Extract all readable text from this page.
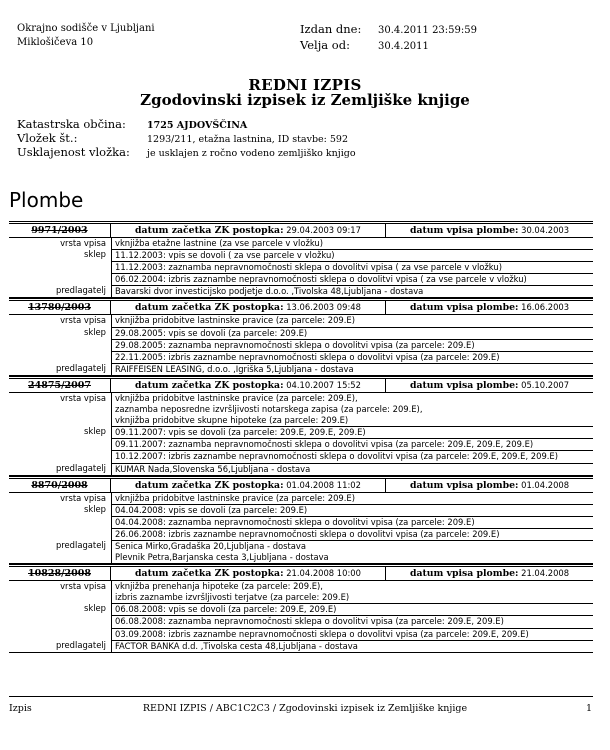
Okrajno sodišče v Ljubljani
Miklošičeva 10
Izdan dne: 30.4.2011 23:59:59
Velja od:	30.4.2011
REDNI IZPIS
Zgodovinski izpisek iz Zemljiške knjige
Katastrska občina: 1725 AJDOVŠČINA
Vložek št.:	1293/211, etažna lastnina, ID stavbe: 592
Usklajenost vložka: je usklajen z ročno vodeno zemljiško knjigo
Plombe
9971/2003	datum začetka ZK postopka: 29.04.2003 09:17	datum vpisa plombe: 30.04.2003
vrsta vpisa	vknjižba etažne lastnine (za vse parcele v vložku)
sklep	11.12.2003: vpis se dovoli ( za vse parcele v vložku)
11.12.2003: zaznamba nepravnomočnosti sklepa o dovolitvi vpisa ( za vse parcele v vložku)
06.02.2004: izbris zaznambe nepravnomočnosti sklepa o dovolitvi vpisa ( za vse parcele v vložku)
predlagatelj	Bavarski dvor investicijsko podjetje d.o.o. ,Tivolska 48,Ljubljana - dostava
13780/2003	datum začetka ZK postopka: 13.06.2003 09:48	datum vpisa plombe: 16.06.2003
vrsta vpisa	vknjižba pridobitve lastninske pravice (za parcele: 209.E)
sklep	29.08.2005: vpis se dovoli (za parcele: 209.E)
29.08.2005: zaznamba nepravnomočnosti sklepa o dovolitvi vpisa (za parcele: 209.E)
22.11.2005: izbris zaznambe nepravnomočnosti sklepa o dovolitvi vpisa (za parcele: 209.E)
predlagatelj	RAIFFEISEN LEASING, d.o.o. ,Igriška 5,Ljubljana - dostava
24875/2007	datum začetka ZK postopka: 04.10.2007 15:52	datum vpisa plombe: 05.10.2007
vrsta vpisa	vknjižba pridobitve lastninske pravice (za parcele: 209.E),
zaznamba neposredne izvršljivosti notarskega zapisa (za parcele: 209.E),
vknjižba pridobitve skupne hipoteke (za parcele: 209.E)
sklep	09.11.2007: vpis se dovoli (za parcele: 209.E, 209.E, 209.E)
09.11.2007: zaznamba nepravnomočnosti sklepa o dovolitvi vpisa (za parcele: 209.E, 209.E, 209.E)
10.12.2007: izbris zaznambe nepravnomočnosti sklepa o dovolitvi vpisa (za parcele: 209.E, 209.E, 209.E)
predlagatelj	KUMAR Nada,Slovenska 56,Ljubljana - dostava
8870/2008	datum začetka ZK postopka: 01.04.2008 11:02	datum vpisa plombe: 01.04.2008
vrsta vpisa	vknjižba pridobitve lastninske pravice (za parcele: 209.E)
sklep	04.04.2008: vpis se dovoli (za parcele: 209.E)
04.04.2008: zaznamba nepravnomočnosti sklepa o dovolitvi vpisa (za parcele: 209.E)
26.06.2008: izbris zaznambe nepravnomočnosti sklepa o dovolitvi vpisa (za parcele: 209.E)
predlagatelj	Senica Mirko,Gradaška 20,Ljubljana - dostava
Plevnik Petra,Barjanska cesta 3,Ljubljana - dostava
10828/2008	datum začetka ZK postopka: 21.04.2008 10:00	datum vpisa plombe: 21.04.2008
vrsta vpisa	vknjižba prenehanja hipoteke (za parcele: 209.E),
izbris zaznambe izvršljivosti terjatve (za parcele: 209.E)
sklep	06.08.2008: vpis se dovoli (za parcele: 209.E, 209.E)
06.08.2008: zaznamba nepravnomočnosti sklepa o dovolitvi vpisa (za parcele: 209.E, 209.E)
03.09.2008: izbris zaznambe nepravnomočnosti sklepa o dovolitvi vpisa (za parcele: 209.E, 209.E)
predlagatelj	FACTOR BANKA d.d. ,Tivolska cesta 48,Ljubljana - dostava
Izpis	REDNI IZPIS / ABC1C2C3 / Zgodovinski izpisek iz Zemljiške knjige	1
